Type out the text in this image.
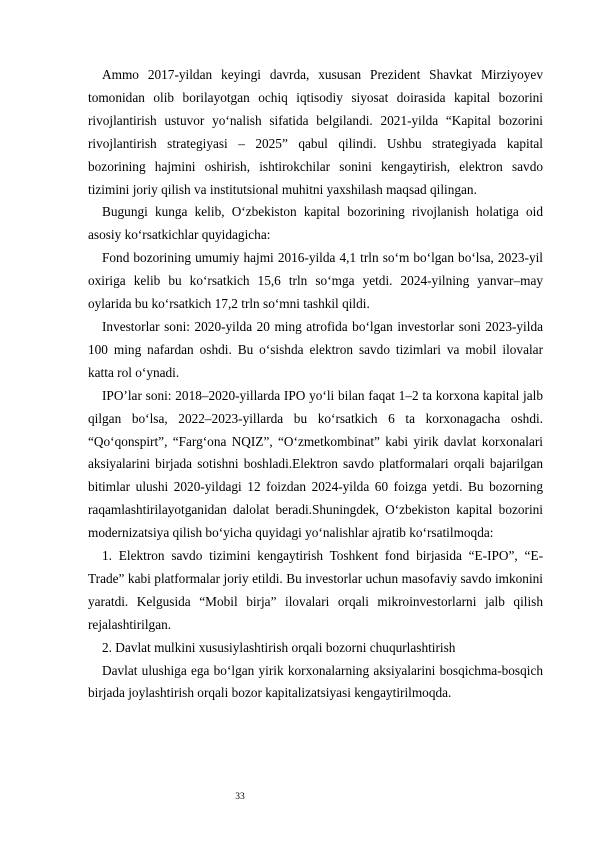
Ammo 2017-yildan keyingi davrda, xususan Prezident Shavkat Mirziyoyev tomonidan olib borilayotgan ochiq iqtisodiy siyosat doirasida kapital bozorini rivojlantirish ustuvor yo‘nalish sifatida belgilandi. 2021-yilda “Kapital bozorini rivojlantirish strategiyasi – 2025” qabul qilindi. Ushbu strategiyada kapital bozorining hajmini oshirish, ishtirokchilar sonini kengaytirish, elektron savdo tizimini joriy qilish va institutsional muhitni yaxshilash maqsad qilingan.

Bugungi kunga kelib, O‘zbekiston kapital bozorining rivojlanish holatiga oid asosiy ko‘rsatkichlar quyidagicha:

Fond bozorining umumiy hajmi 2016-yilda 4,1 trln so‘m bo‘lgan bo‘lsa, 2023-yil oxiriga kelib bu ko‘rsatkich 15,6 trln so‘mga yetdi. 2024-yilning yanvar–may oylarida bu ko‘rsatkich 17,2 trln so‘mni tashkil qildi.

Investorlar soni: 2020-yilda 20 ming atrofida bo‘lgan investorlar soni 2023-yilda 100 ming nafardan oshdi. Bu o‘sishda elektron savdo tizimlari va mobil ilovalar katta rol o‘ynadi.

IPO’lar soni: 2018–2020-yillarda IPO yo‘li bilan faqat 1–2 ta korxona kapital jalb qilgan bo‘lsa, 2022–2023-yillarda bu ko‘rsatkich 6 ta korxonagacha oshdi. “Qo‘qonspirt”, “Farg‘ona NQIZ”, “O‘zmetkombinat” kabi yirik davlat korxonalari aksiyalarini birjada sotishni boshladi.Elektron savdo platformalari orqali bajarilgan bitimlar ulushi 2020-yildagi 12 foizdan 2024-yilda 60 foizga yetdi. Bu bozorning raqamlashtirilayotganidan dalolat beradi.Shuningdek, O‘zbekiston kapital bozorini modernizatsiya qilish bo‘yicha quyidagi yo‘nalishlar ajratib ko‘rsatilmoqda:

1. Elektron savdo tizimini kengaytirish Toshkent fond birjasida “E-IPO”, “E-Trade” kabi platformalar joriy etildi. Bu investorlar uchun masofaviy savdo imkonini yaratdi. Kelgusida “Mobil birja” ilovalari orqali mikroinvestorlarni jalb qilish rejalashtirilgan.

2. Davlat mulkini xususiylashtirish orqali bozorni chuqurlashtirish

Davlat ulushiga ega bo‘lgan yirik korxonalarning aksiyalarini bosqichma-bosqich birjada joylashtirish orqali bozor kapitalizatsiyasi kengaytirilmoqda.

33
